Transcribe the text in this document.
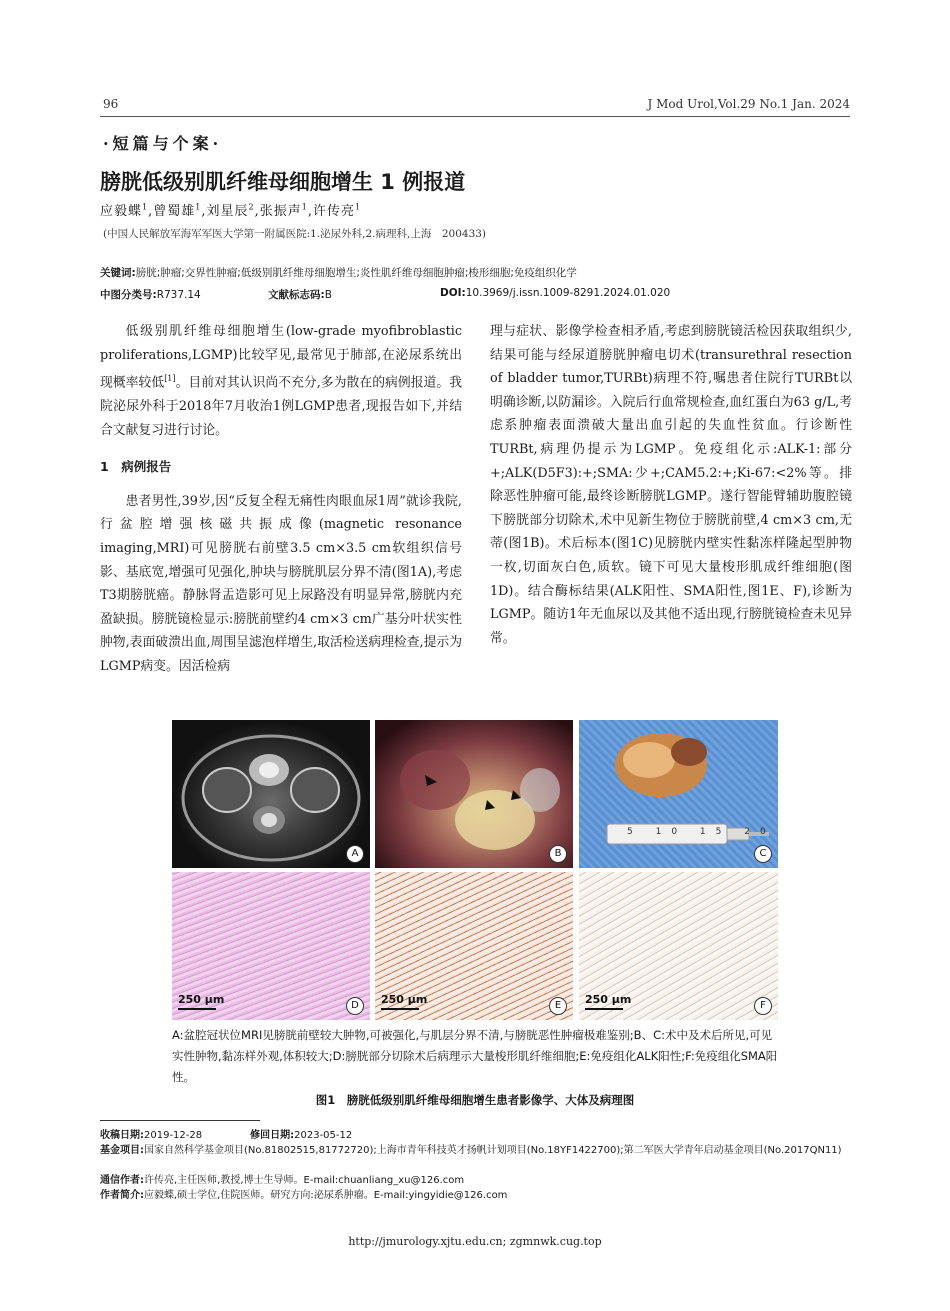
96	J Mod Urol,Vol.29 No.1 Jan. 2024
·短篇与个案·
膀胱低级别肌纤维母细胞增生 1 例报道
应毅蝶$^1$,曾蜀雄$^1$,刘星辰$^2$,张振声$^1$,许传亮$^1$
(中国人民解放军海军军医大学第一附属医院:1.泌尿外科,2.病理科,上海　200433)
关键词:膀胱;肿瘤;交界性肿瘤;低级别肌纤维母细胞增生;炎性肌纤维母细胞肿瘤;梭形细胞;免疫组织化学
中图分类号:R737.14	文献标志码:B	DOI:10.3969/j.issn.1009-8291.2024.01.020

低级别肌纤维母细胞增生(low-grade myofibroblastic proliferations,LGMP)比较罕见,最常见于肺部,在泌尿系统出现概率较低[1]。目前对其认识尚不充分,多为散在的病例报道。我院泌尿外科于2018年7月收治1例LGMP患者,现报告如下,并结合文献复习进行讨论。

1　病例报告

患者男性,39岁,因“反复全程无痛性肉眼血尿1周”就诊我院,行盆腔增强核磁共振成像(magnetic resonance imaging,MRI)可见膀胱右前壁3.5 cm×3.5 cm软组织信号影、基底宽,增强可见强化,肿块与膀胱肌层分界不清(图1A),考虑T3期膀胱癌。静脉肾盂造影可见上尿路没有明显异常,膀胱内充盈缺损。膀胱镜检显示:膀胱前壁约4 cm×3 cm广基分叶状实性肿物,表面破溃出血,周围呈滤泡样增生,取活检送病理检查,提示为LGMP病变。因活检病

理与症状、影像学检查相矛盾,考虑到膀胱镜活检因获取组织少,结果可能与经尿道膀胱肿瘤电切术(transurethral resection of bladder tumor,TURBt)病理不符,嘱患者住院行TURBt以明确诊断,以防漏诊。入院后行血常规检查,血红蛋白为63 g/L,考虑系肿瘤表面溃破大量出血引起的失血性贫血。行诊断性TURBt,病理仍提示为LGMP。免疫组化示:ALK-1:部分+;ALK(D5F3):+;SMA:少+;CAM5.2:+;Ki-67:<2%等。排除恶性肿瘤可能,最终诊断膀胱LGMP。遂行智能臂辅助腹腔镜下膀胱部分切除术,术中见新生物位于膀胱前壁,4 cm×3 cm,无蒂(图1B)。术后标本(图1C)见膀胱内壁实性黏冻样隆起型肿物一枚,切面灰白色,质软。镜下可见大量梭形肌成纤维细胞(图1D)。结合酶标结果(ALK阳性、SMA阳性,图1E、F),诊断为LGMP。随访1年无血尿以及其他不适出现,行膀胱镜检查未见异常。

A	B
5 10 15 20
C
250 μm	D	250 μm	E	250 μm	F
A:盆腔冠状位MRI见膀胱前壁较大肿物,可被强化,与肌层分界不清,与膀胱恶性肿瘤极难鉴别;B、C:术中及术后所见,可见实性肿物,黏冻样外观,体积较大;D:膀胱部分切除术后病理示大量梭形肌纤维细胞;E:免疫组化ALK阳性;F:免疫组化SMA阳性。
图1　膀胱低级别肌纤维母细胞增生患者影像学、大体及病理图
收稿日期:2019-12-28	修回日期:2023-05-12
基金项目:国家自然科学基金项目(No.81802515,81772720);上海市青年科技英才扬帆计划项目(No.18YF1422700);第二军医大学青年启动基金项目(No.2017QN11)
通信作者:许传亮,主任医师,教授,博士生导师。E-mail:chuanliang_xu@126.com
作者简介:应毅蝶,硕士学位,住院医师。研究方向:泌尿系肿瘤。E-mail:yingyidie@126.com
http://jmurology.xjtu.edu.cn; zgmnwk.cug.top
